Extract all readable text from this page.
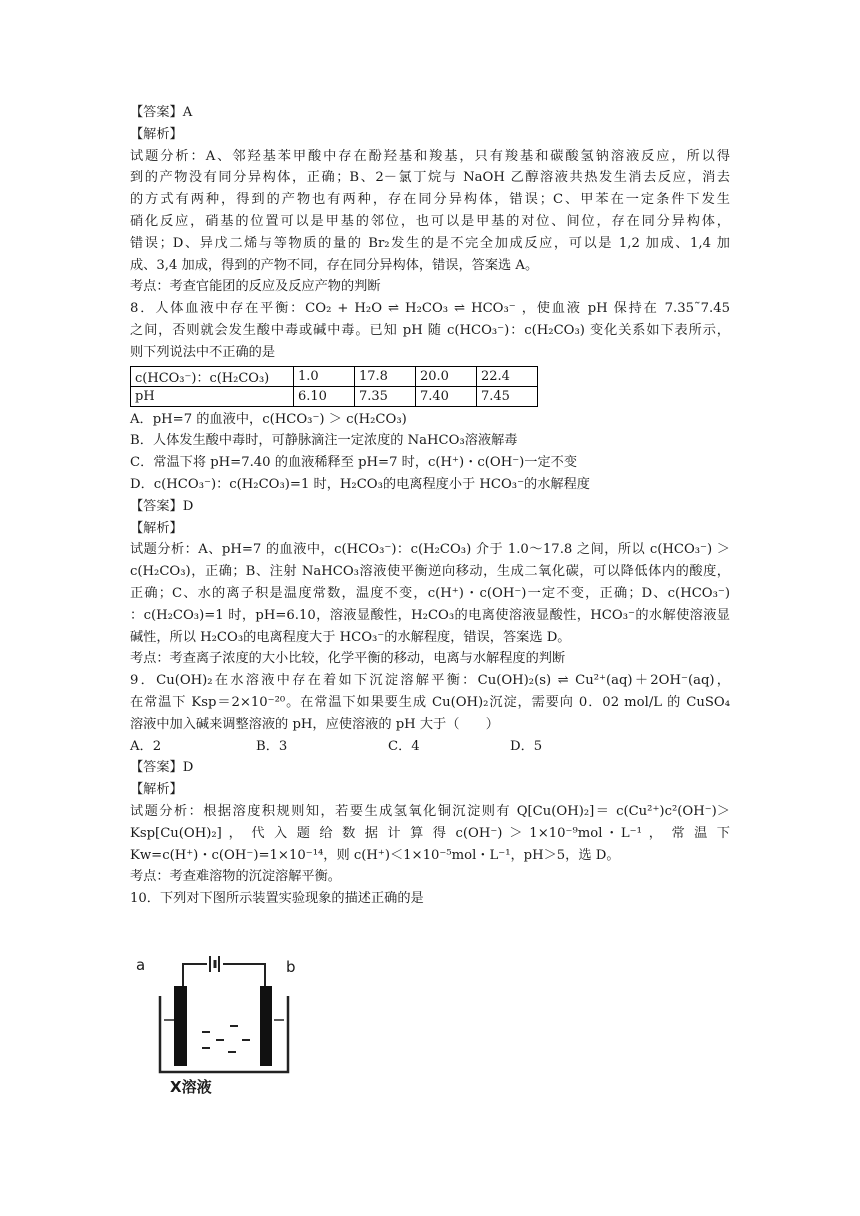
【答案】A
【解析】
试题分析：A、邻羟基苯甲酸中存在酚羟基和羧基，只有羧基和碳酸氢钠溶液反应，所以得
到的产物没有同分异构体，正确；B、2－氯丁烷与 NaOH 乙醇溶液共热发生消去反应，消去
的方式有两种，得到的产物也有两种，存在同分异构体，错误；C、甲苯在一定条件下发生
硝化反应，硝基的位置可以是甲基的邻位，也可以是甲基的对位、间位，存在同分异构体，
错误；D、异戊二烯与等物质的量的 Br₂发生的是不完全加成反应，可以是 1,2 加成、1,4 加
成、3,4 加成，得到的产物不同，存在同分异构体，错误，答案选 A。
考点：考查官能团的反应及反应产物的判断
8．人体血液中存在平衡：CO₂ + H₂O ⇌ H₂CO₃ ⇌ HCO₃⁻ ，使血液 pH 保持在 7.35˜7.45
之间，否则就会发生酸中毒或碱中毒。已知 pH 随 c(HCO₃⁻)：c(H₂CO₃) 变化关系如下表所示，
则下列说法中不正确的是
c(HCO₃⁻)：c(H₂CO₃)	1.0	17.8	20.0	22.4
pH	6.10	7.35	7.40	7.45
A．pH=7 的血液中，c(HCO₃⁻) ＞ c(H₂CO₃)
B．人体发生酸中毒时，可静脉滴注一定浓度的 NaHCO₃溶液解毒
C．常温下将 pH=7.40 的血液稀释至 pH=7 时，c(H⁺)・c(OH⁻)一定不变
D．c(HCO₃⁻)：c(H₂CO₃)=1 时，H₂CO₃的电离程度小于 HCO₃⁻的水解程度
【答案】D
【解析】
试题分析：A、pH=7 的血液中，c(HCO₃⁻)：c(H₂CO₃) 介于 1.0～17.8 之间，所以 c(HCO₃⁻) ＞
c(H₂CO₃)，正确；B、注射 NaHCO₃溶液使平衡逆向移动，生成二氧化碳，可以降低体内的酸度，
正确；C、水的离子积是温度常数，温度不变，c(H⁺)・c(OH⁻)一定不变，正确；D、c(HCO₃⁻)
：c(H₂CO₃)=1 时，pH=6.10，溶液显酸性，H₂CO₃的电离使溶液显酸性，HCO₃⁻的水解使溶液显
碱性，所以 H₂CO₃的电离程度大于 HCO₃⁻的水解程度，错误，答案选 D。
考点：考查离子浓度的大小比较，化学平衡的移动，电离与水解程度的判断
9．Cu(OH)₂在水溶液中存在着如下沉淀溶解平衡：Cu(OH)₂(s) ⇌ Cu²⁺(aq)＋2OH⁻(aq)，
在常温下 Ksp＝2×10⁻²⁰。在常温下如果要生成 Cu(OH)₂沉淀，需要向 0．02 mol/L 的 CuSO₄
溶液中加入碱来调整溶液的 pH，应使溶液的 pH 大于（　　）
A．2	B．3	C．4	D．5
【答案】D
【解析】
试题分析：根据溶度积规则知，若要生成氢氧化铜沉淀则有 Q[Cu(OH)₂]＝ c(Cu²⁺)c²(OH⁻)＞
Ksp[Cu(OH)₂] ， 代 入 题 给 数 据 计 算 得 c(OH⁻) ＞ 1×10⁻⁹mol・L⁻¹ ， 常 温 下
Kw=c(H⁺)・c(OH⁻)=1×10⁻¹⁴，则 c(H⁺)＜1×10⁻⁵mol・L⁻¹，pH＞5，选 D。
考点：考查难溶物的沉淀溶解平衡。
10．下列对下图所示装置实验现象的描述正确的是
a	b
X溶液
